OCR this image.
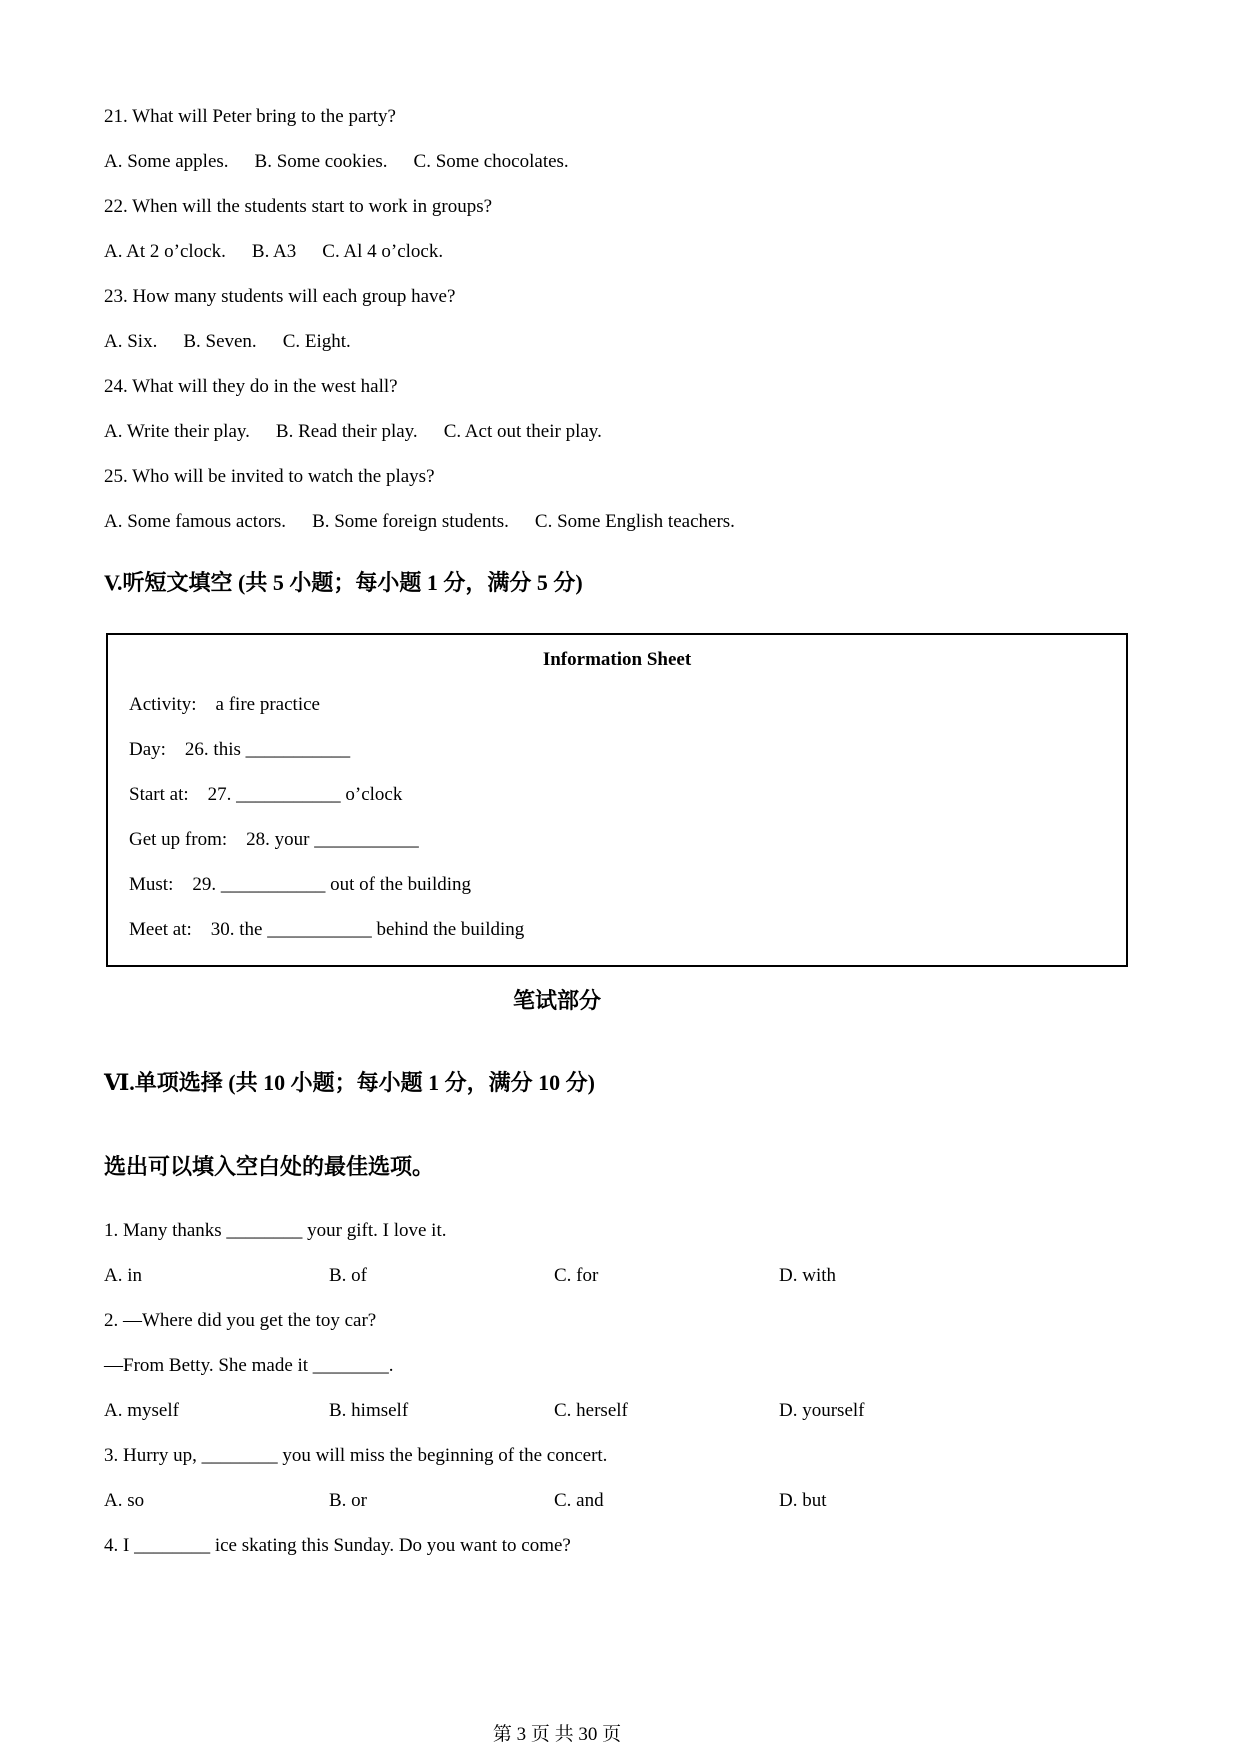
21. What will Peter bring to the party?
A. Some apples. B. Some cookies. C. Some chocolates.
22. When will the students start to work in groups?
A. At 2 o’clock. B. A3 C. Al 4 o’clock.
23. How many students will each group have?
A. Six. B. Seven. C. Eight.
24. What will they do in the west hall?
A. Write their play. B. Read their play. C. Act out their play.
25. Who will be invited to watch the plays?
A. Some famous actors. B. Some foreign students. C. Some English teachers.
V.听短文填空 (共 5 小题；每小题 1 分，满分 5 分)
Information Sheet
Activity:    a fire practice
Day:    26. this ___________
Start at:    27. ___________ o’clock
Get up from:    28. your ___________
Must:    29. ___________ out of the building
Meet at:    30. the ___________ behind the building
笔试部分
Ⅵ.单项选择 (共 10 小题；每小题 1 分，满分 10 分)
选出可以填入空白处的最佳选项。
1. Many thanks ________ your gift. I love it.
A. in	B. of	C. for	D. with
2. —Where did you get the toy car?
—From Betty. She made it ________.
A. myself	B. himself	C. herself	D. yourself
3. Hurry up, ________ you will miss the beginning of the concert.
A. so	B. or	C. and	D. but
4. I ________ ice skating this Sunday. Do you want to come?
第 3 页 共 30 页
